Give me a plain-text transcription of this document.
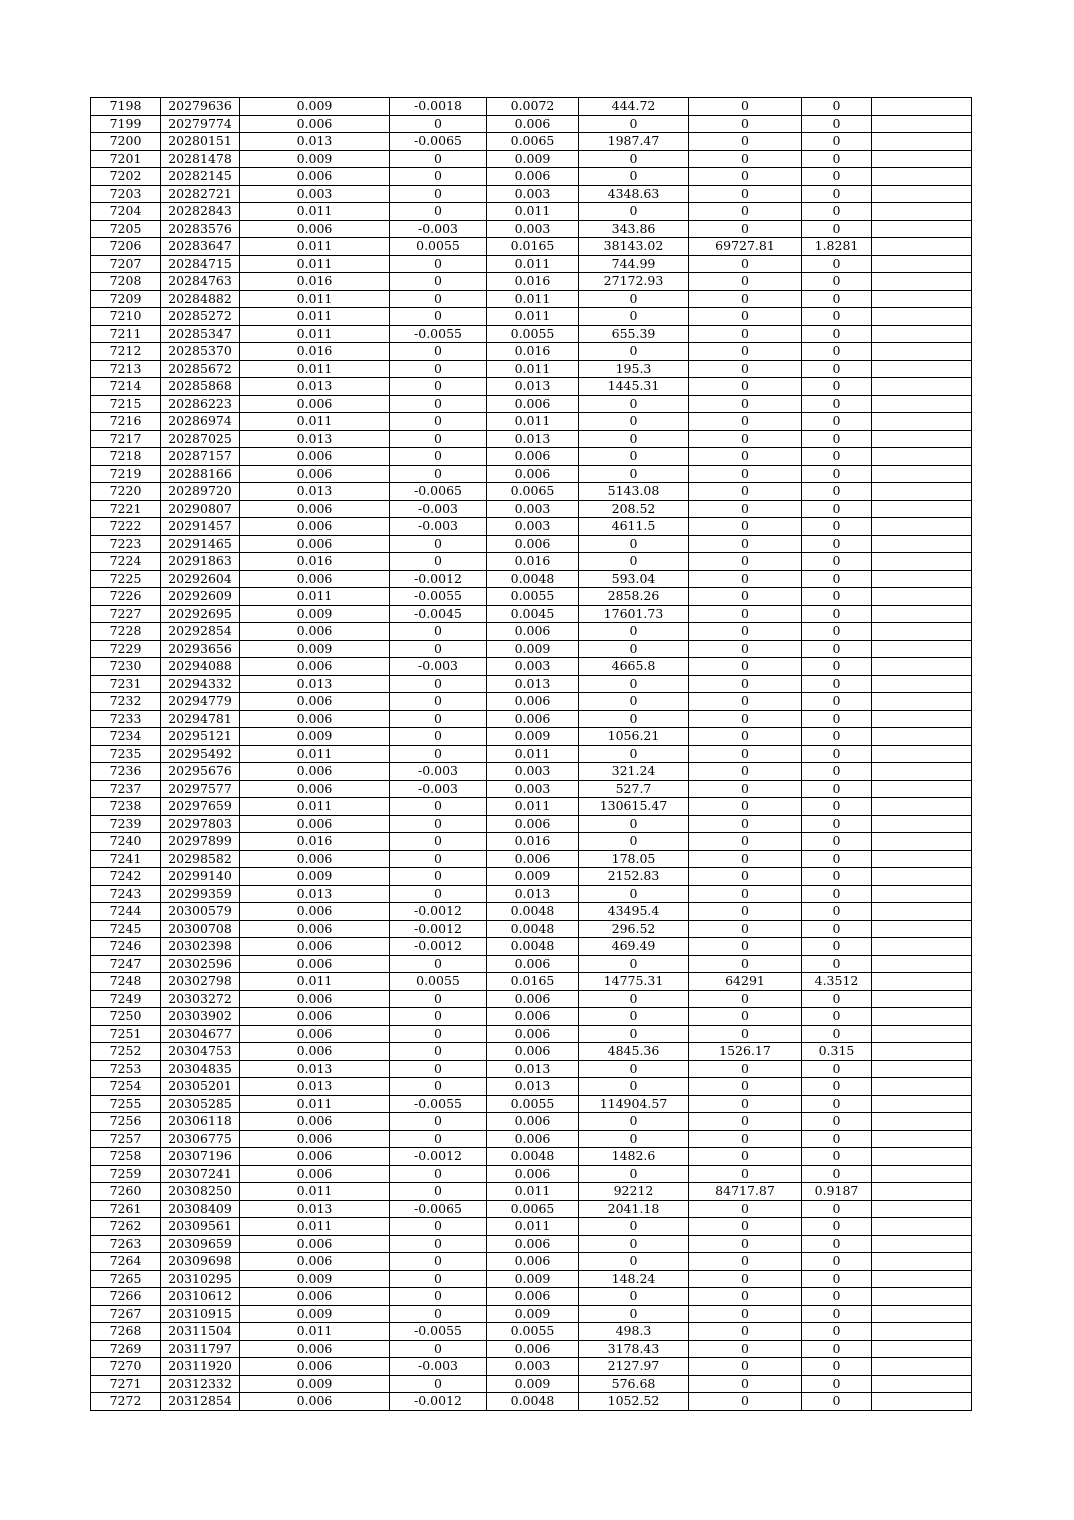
7198	20279636	0.009	-0.0018	0.0072	444.72	0	0	
7199	20279774	0.006	0	0.006	0	0	0	
7200	20280151	0.013	-0.0065	0.0065	1987.47	0	0	
7201	20281478	0.009	0	0.009	0	0	0	
7202	20282145	0.006	0	0.006	0	0	0	
7203	20282721	0.003	0	0.003	4348.63	0	0	
7204	20282843	0.011	0	0.011	0	0	0	
7205	20283576	0.006	-0.003	0.003	343.86	0	0	
7206	20283647	0.011	0.0055	0.0165	38143.02	69727.81	1.8281	
7207	20284715	0.011	0	0.011	744.99	0	0	
7208	20284763	0.016	0	0.016	27172.93	0	0	
7209	20284882	0.011	0	0.011	0	0	0	
7210	20285272	0.011	0	0.011	0	0	0	
7211	20285347	0.011	-0.0055	0.0055	655.39	0	0	
7212	20285370	0.016	0	0.016	0	0	0	
7213	20285672	0.011	0	0.011	195.3	0	0	
7214	20285868	0.013	0	0.013	1445.31	0	0	
7215	20286223	0.006	0	0.006	0	0	0	
7216	20286974	0.011	0	0.011	0	0	0	
7217	20287025	0.013	0	0.013	0	0	0	
7218	20287157	0.006	0	0.006	0	0	0	
7219	20288166	0.006	0	0.006	0	0	0	
7220	20289720	0.013	-0.0065	0.0065	5143.08	0	0	
7221	20290807	0.006	-0.003	0.003	208.52	0	0	
7222	20291457	0.006	-0.003	0.003	4611.5	0	0	
7223	20291465	0.006	0	0.006	0	0	0	
7224	20291863	0.016	0	0.016	0	0	0	
7225	20292604	0.006	-0.0012	0.0048	593.04	0	0	
7226	20292609	0.011	-0.0055	0.0055	2858.26	0	0	
7227	20292695	0.009	-0.0045	0.0045	17601.73	0	0	
7228	20292854	0.006	0	0.006	0	0	0	
7229	20293656	0.009	0	0.009	0	0	0	
7230	20294088	0.006	-0.003	0.003	4665.8	0	0	
7231	20294332	0.013	0	0.013	0	0	0	
7232	20294779	0.006	0	0.006	0	0	0	
7233	20294781	0.006	0	0.006	0	0	0	
7234	20295121	0.009	0	0.009	1056.21	0	0	
7235	20295492	0.011	0	0.011	0	0	0	
7236	20295676	0.006	-0.003	0.003	321.24	0	0	
7237	20297577	0.006	-0.003	0.003	527.7	0	0	
7238	20297659	0.011	0	0.011	130615.47	0	0	
7239	20297803	0.006	0	0.006	0	0	0	
7240	20297899	0.016	0	0.016	0	0	0	
7241	20298582	0.006	0	0.006	178.05	0	0	
7242	20299140	0.009	0	0.009	2152.83	0	0	
7243	20299359	0.013	0	0.013	0	0	0	
7244	20300579	0.006	-0.0012	0.0048	43495.4	0	0	
7245	20300708	0.006	-0.0012	0.0048	296.52	0	0	
7246	20302398	0.006	-0.0012	0.0048	469.49	0	0	
7247	20302596	0.006	0	0.006	0	0	0	
7248	20302798	0.011	0.0055	0.0165	14775.31	64291	4.3512	
7249	20303272	0.006	0	0.006	0	0	0	
7250	20303902	0.006	0	0.006	0	0	0	
7251	20304677	0.006	0	0.006	0	0	0	
7252	20304753	0.006	0	0.006	4845.36	1526.17	0.315	
7253	20304835	0.013	0	0.013	0	0	0	
7254	20305201	0.013	0	0.013	0	0	0	
7255	20305285	0.011	-0.0055	0.0055	114904.57	0	0	
7256	20306118	0.006	0	0.006	0	0	0	
7257	20306775	0.006	0	0.006	0	0	0	
7258	20307196	0.006	-0.0012	0.0048	1482.6	0	0	
7259	20307241	0.006	0	0.006	0	0	0	
7260	20308250	0.011	0	0.011	92212	84717.87	0.9187	
7261	20308409	0.013	-0.0065	0.0065	2041.18	0	0	
7262	20309561	0.011	0	0.011	0	0	0	
7263	20309659	0.006	0	0.006	0	0	0	
7264	20309698	0.006	0	0.006	0	0	0	
7265	20310295	0.009	0	0.009	148.24	0	0	
7266	20310612	0.006	0	0.006	0	0	0	
7267	20310915	0.009	0	0.009	0	0	0	
7268	20311504	0.011	-0.0055	0.0055	498.3	0	0	
7269	20311797	0.006	0	0.006	3178.43	0	0	
7270	20311920	0.006	-0.003	0.003	2127.97	0	0	
7271	20312332	0.009	0	0.009	576.68	0	0	
7272	20312854	0.006	-0.0012	0.0048	1052.52	0	0	
